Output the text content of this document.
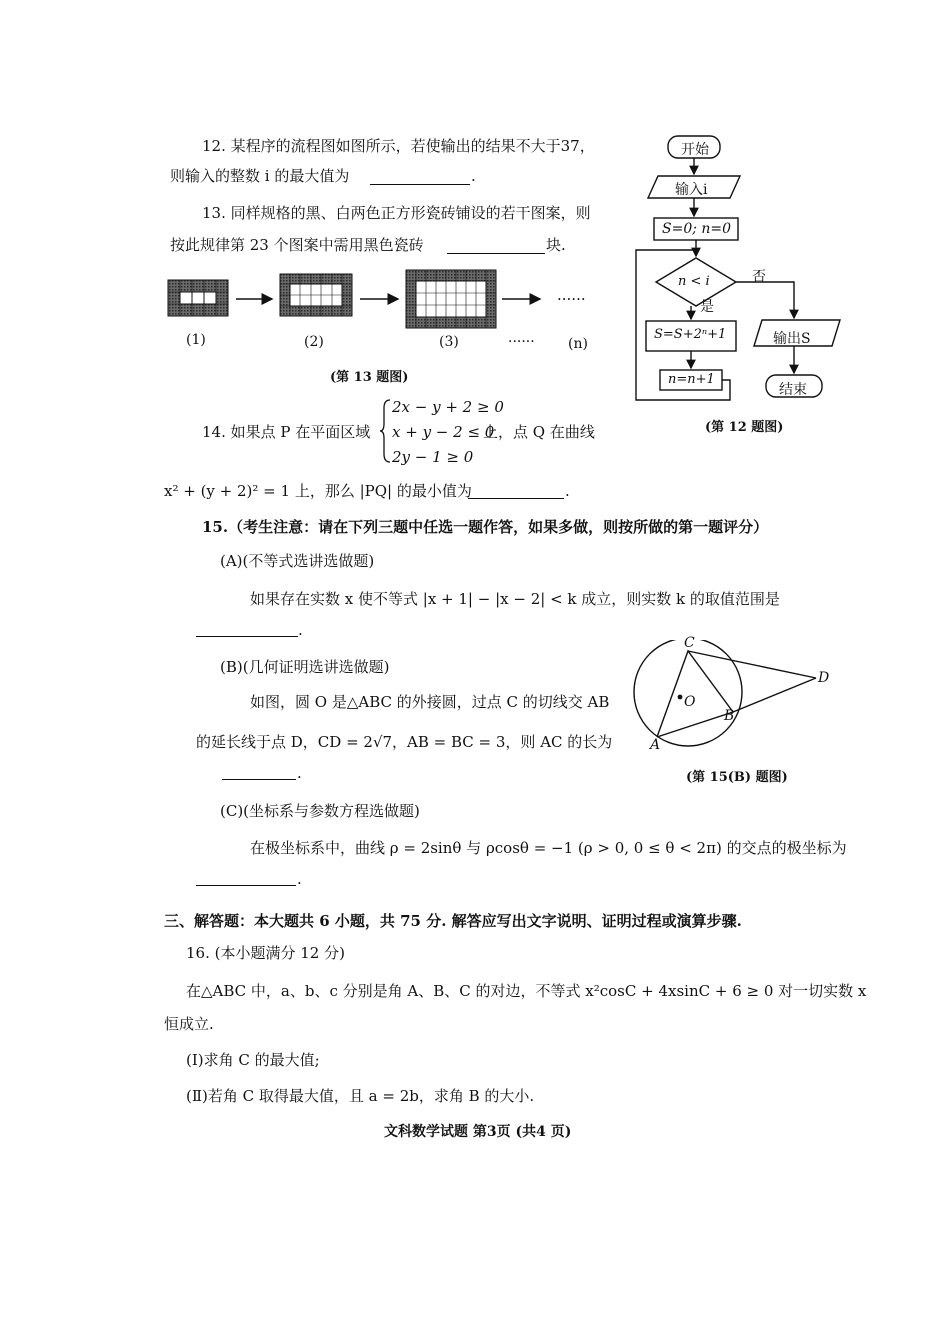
12. 某程序的流程图如图所示，若使输出的结果不大于37，
则输入的整数 i 的最大值为	.
13. 同样规格的黑、白两色正方形瓷砖铺设的若干图案，则
按此规律第 23 个图案中需用黑色瓷砖	块.
······
(1)	(2)	(3)	······ (n)
(第 13 题图)
开始
输入i
S=0; n=0
n < i	否
是
S=S+2ⁿ+1	输出S
n=n+1
结束
(第 12 题图)
14. 如果点 P 在平面区域
2x − y + 2 ≥ 0
x + y − 2 ≤ 0
2y − 1 ≥ 0
上，点 Q 在曲线
x² + (y + 2)² = 1 上，那么 |PQ| 的最小值为	.
15.（考生注意：请在下列三题中任选一题作答，如果多做，则按所做的第一题评分）
(A)(不等式选讲选做题)
如果存在实数 x 使不等式 |x + 1| − |x − 2| < k 成立，则实数 k 的取值范围是
.
(B)(几何证明选讲选做题)
如图，圆 O 是△ABC 的外接圆，过点 C 的切线交 AB
的延长线于点 D，CD = 2√7，AB = BC = 3，则 AC 的长为
.
C
D
O
B
A
(第 15(B) 题图)
(C)(坐标系与参数方程选做题)
在极坐标系中，曲线 ρ = 2sinθ 与 ρcosθ = −1 (ρ > 0, 0 ≤ θ < 2π) 的交点的极坐标为
.
三、解答题：本大题共 6 小题，共 75 分. 解答应写出文字说明、证明过程或演算步骤.
16. (本小题满分 12 分)
在△ABC 中，a、b、c 分别是角 A、B、C 的对边，不等式 x²cosC + 4xsinC + 6 ≥ 0 对一切实数 x
恒成立.
(Ⅰ)求角 C 的最大值;
(Ⅱ)若角 C 取得最大值，且 a = 2b，求角 B 的大小.
文科数学试题 第3页 (共4 页)
